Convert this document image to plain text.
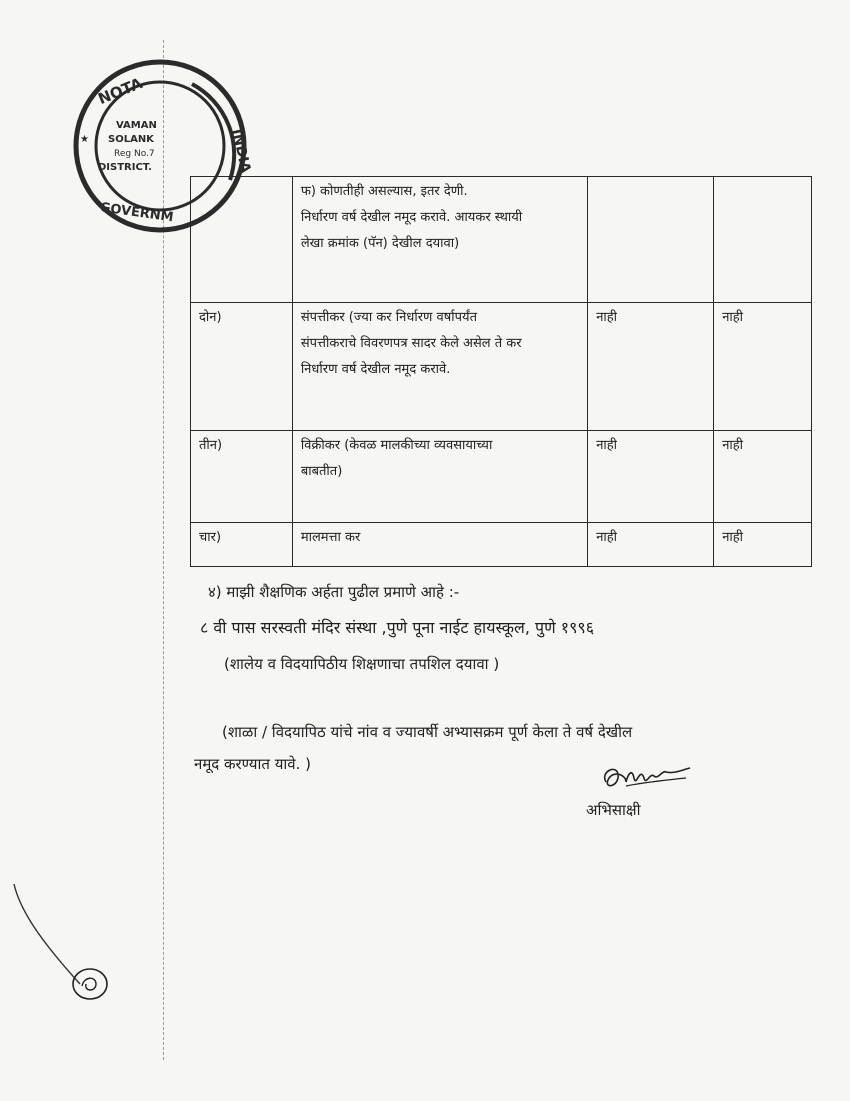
NOTA
VAMAN
SOLANK
Reg No.7
DISTRICT.
GOVERNM
★	INDIA

	फ) कोणतीही असल्यास, इतर देणी.
निर्धारण वर्ष देखील नमूद करावे. आयकर स्थायी
लेखा क्रमांक (पॅन) देखील दयावा)		

दोन)	संपत्तीकर (ज्या कर निर्धारण वर्षापर्यंत
संपत्तीकराचे विवरणपत्र सादर केले असेल ते कर
निर्धारण वर्ष देखील नमूद करावे.	नाही	नाही
तीन)	विक्रीकर (केवळ मालकीच्या व्यवसायाच्या
बाबतीत)	नाही	नाही
चार)	मालमत्ता कर	नाही	नाही
४) माझी शैक्षणिक अर्हता पुढील प्रमाणे आहे :-
८ वी पास सरस्वती मंदिर संस्था ,पुणे पूना नाईट हायस्कूल, पुणे १९९६
(शालेय व विदयापिठीय शिक्षणाचा तपशिल दयावा )
(शाळा / विदयापिठ यांचे नांव व ज्यावर्षी अभ्यासक्रम पूर्ण केला ते वर्ष देखील
नमूद करण्यात यावे. )
अभिसाक्षी
